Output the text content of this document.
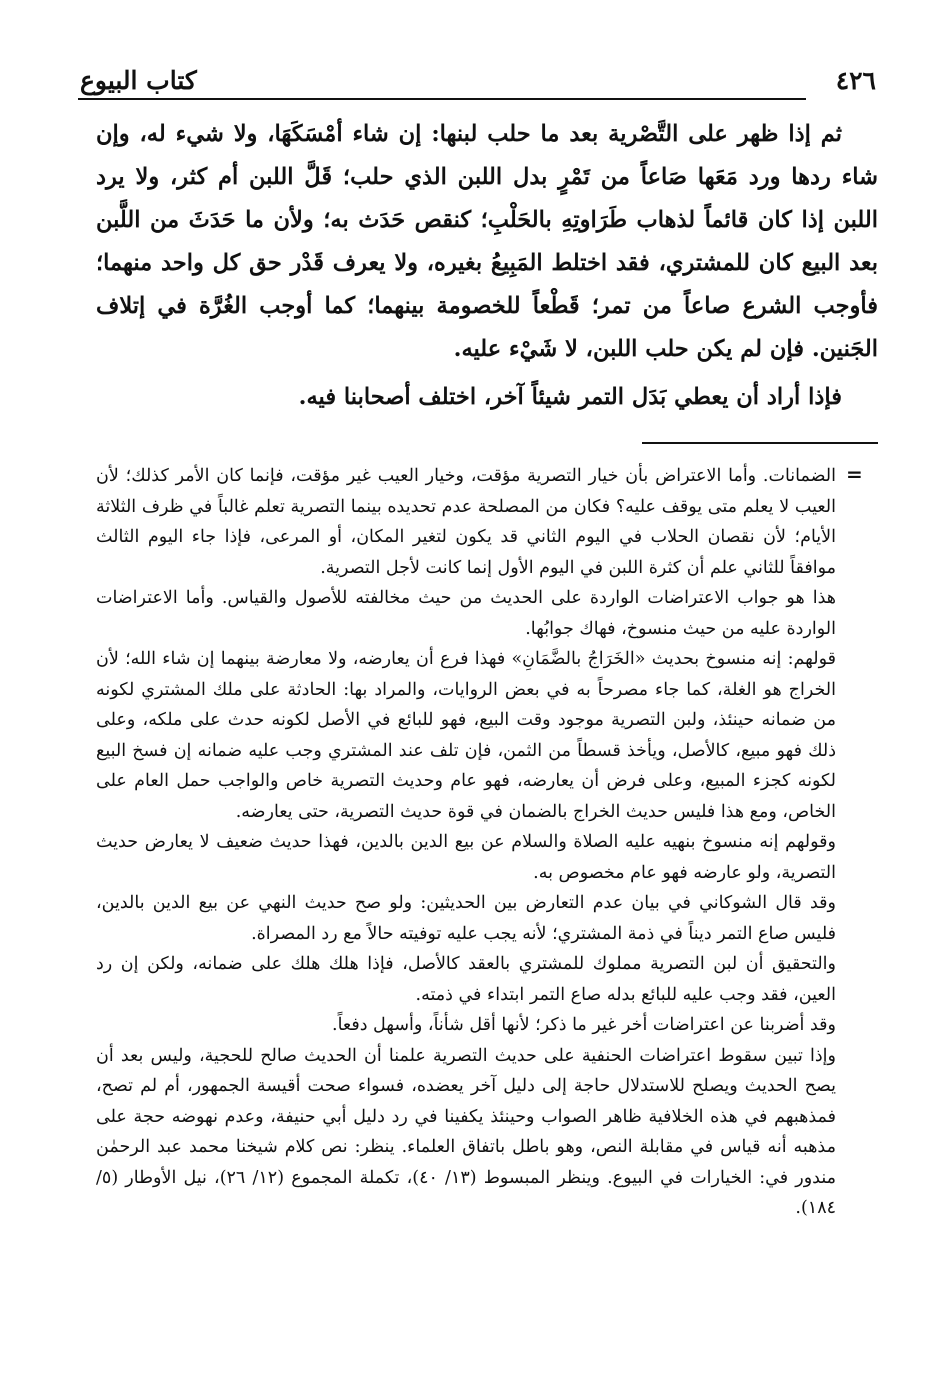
كتاب البيوع	٤٢٦

ثم إذا ظهر على التَّصْرية بعد ما حلب لبنها: إن شاء أمْسَكَهَا، ولا شيء له، وإن شاء ردها ورد مَعَها صَاعاً من تَمْرٍ بدل اللبن الذي حلب؛ قَلَّ اللبن أم كثر، ولا يرد اللبن إذا كان قائماً لذهاب طَرَاوتِهِ بالحَلْبِ؛ كنقص حَدَث به؛ ولأن ما حَدَثَ من اللَّبن بعد البيع كان للمشتري، فقد اختلط المَبِيعُ بغيره، ولا يعرف قَدْر حق كل واحد منهما؛ فأوجب الشرع صاعاً من تمر؛ قَطْعاً للخصومة بينهما؛ كما أوجب الغُرَّة في إتلاف الجَنين. فإن لم يكن حلب اللبن، لا شَيْء عليه.

فإذا أراد أن يعطي بَدَل التمر شيئاً آخر، اختلف أصحابنا فيه.

=

الضمانات. وأما الاعتراض بأن خيار التصرية مؤقت، وخيار العيب غير مؤقت، فإنما كان الأمر كذلك؛ لأن العيب لا يعلم متى يوقف عليه؟ فكان من المصلحة عدم تحديده بينما التصرية تعلم غالباً في ظرف الثلاثة الأيام؛ لأن نقصان الحلاب في اليوم الثاني قد يكون لتغير المكان، أو المرعى، فإذا جاء اليوم الثالث موافقاً للثاني علم أن كثرة اللبن في اليوم الأول إنما كانت لأجل التصرية.

هذا هو جواب الاعتراضات الواردة على الحديث من حيث مخالفته للأصول والقياس. وأما الاعتراضات الواردة عليه من حيث منسوخ، فهاك جوابُها.

قولهم: إنه منسوخ بحديث «الخَرَاجُ بالضَّمَانِ» فهذا فرع أن يعارضه، ولا معارضة بينهما إن شاء الله؛ لأن الخراج هو الغلة، كما جاء مصرحاً به في بعض الروايات، والمراد بها: الحادثة على ملك المشتري لكونه من ضمانه حينئذ، ولبن التصرية موجود وقت البيع، فهو للبائع في الأصل لكونه حدث على ملكه، وعلى ذلك فهو مبيع، كالأصل، ويأخذ قسطاً من الثمن، فإن تلف عند المشتري وجب عليه ضمانه إن فسخ البيع لكونه كجزء المبيع، وعلى فرض أن يعارضه، فهو عام وحديث التصرية خاص والواجب حمل العام على الخاص، ومع هذا فليس حديث الخراج بالضمان في قوة حديث التصرية، حتى يعارضه.

وقولهم إنه منسوخ بنهيه عليه الصلاة والسلام عن بيع الدين بالدين، فهذا حديث ضعيف لا يعارض حديث التصرية، ولو عارضه فهو عام مخصوص به.

وقد قال الشوكاني في بيان عدم التعارض بين الحديثين: ولو صح حديث النهي عن بيع الدين بالدين، فليس صاع التمر ديناً في ذمة المشتري؛ لأنه يجب عليه توفيته حالاً مع رد المصراة.

والتحقيق أن لبن التصرية مملوك للمشتري بالعقد كالأصل، فإذا هلك هلك على ضمانه، ولكن إن رد العين، فقد وجب عليه للبائع بدله صاع التمر ابتداء في ذمته.

وقد أضربنا عن اعتراضات أخر غير ما ذكر؛ لأنها أقل شأناً، وأسهل دفعاً.

وإذا تبين سقوط اعتراضات الحنفية على حديث التصرية علمنا أن الحديث صالح للحجية، وليس بعد أن يصح الحديث ويصلح للاستدلال حاجة إلى دليل آخر يعضده، فسواء صحت أقيسة الجمهور، أم لم تصح، فمذهبهم في هذه الخلافية ظاهر الصواب وحينئذ يكفينا في رد دليل أبي حنيفة، وعدم نهوضه حجة على مذهبه أنه قياس في مقابلة النص، وهو باطل باتفاق العلماء. ينظر: نص كلام شيخنا محمد عبد الرحمٰن مندور في: الخيارات في البيوع. وينظر المبسوط (١٣/ ٤٠)، تكملة المجموع (١٢/ ٢٦)، نيل الأوطار (٥/ ١٨٤).
